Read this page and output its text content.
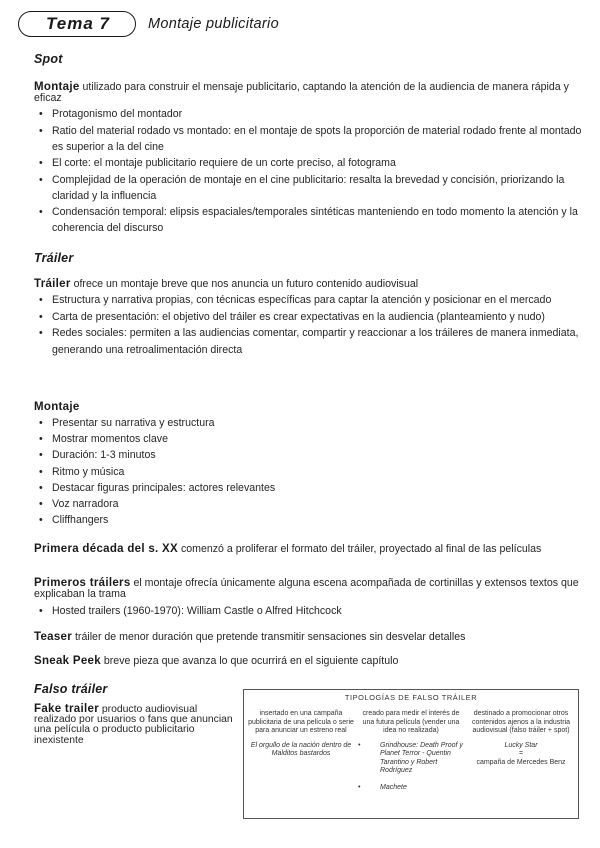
Tema 7	Montaje publicitario
Spot
Montaje utilizado para construir el mensaje publicitario, captando la atención de la audiencia de manera rápida y eficaz
• Protagonismo del montador
• Ratio del material rodado vs montado: en el montaje de spots la proporción de material rodado frente al montado es superior a la del cine
• El corte: el montaje publicitario requiere de un corte preciso, al fotograma
• Complejidad de la operación de montaje en el cine publicitario: resalta la brevedad y concisión, priorizando la claridad y la influencia
• Condensación temporal: elipsis espaciales/temporales sintéticas manteniendo en todo momento la atención y la coherencia del discurso
Tráiler
Tráiler ofrece un montaje breve que nos anuncia un futuro contenido audiovisual
• Estructura y narrativa propias, con técnicas específicas para captar la atención y posicionar en el mercado
• Carta de presentación: el objetivo del tráiler es crear expectativas en la audiencia (planteamiento y nudo)
• Redes sociales: permiten a las audiencias comentar, compartir y reaccionar a los tráileres de manera inmediata, generando una retroalimentación directa
Montaje
• Presentar su narrativa y estructura
• Mostrar momentos clave
• Duración: 1-3 minutos
• Ritmo y música
• Destacar figuras principales: actores relevantes
• Voz narradora
• Cliffhangers
Primera década del s. XX comenzó a proliferar el formato del tráiler, proyectado al final de las películas
Primeros tráilers el montaje ofrecía únicamente alguna escena acompañada de cortinillas y extensos textos que explicaban la trama
• Hosted trailers (1960-1970): William Castle o Alfred Hitchcock
Teaser tráiler de menor duración que pretende transmitir sensaciones sin desvelar detalles
Sneak Peek breve pieza que avanza lo que ocurrirá en el siguiente capítulo
Falso tráiler
Fake trailer producto audiovisual realizado por usuarios o fans que anuncian una película o producto publicitario inexistente
TIPOLOGÍAS DE FALSO TRÁILER
insertado en una campaña publicitaria de una película o serie para anunciar un estreno real
El orgullo de la nación dentro de Malditos bastardos
creado para medir el interés de una futura película (vender una idea no realizada)
• Grindhouse: Death Proof y Planet Terror - Quentin Tarantino y Robert Rodríguez
• Machete
destinado a promocionar otros contenidos ajenos a la industria audiovisual (falso tráiler + spot)
Lucky Star
=
campaña de Mercedes Benz
